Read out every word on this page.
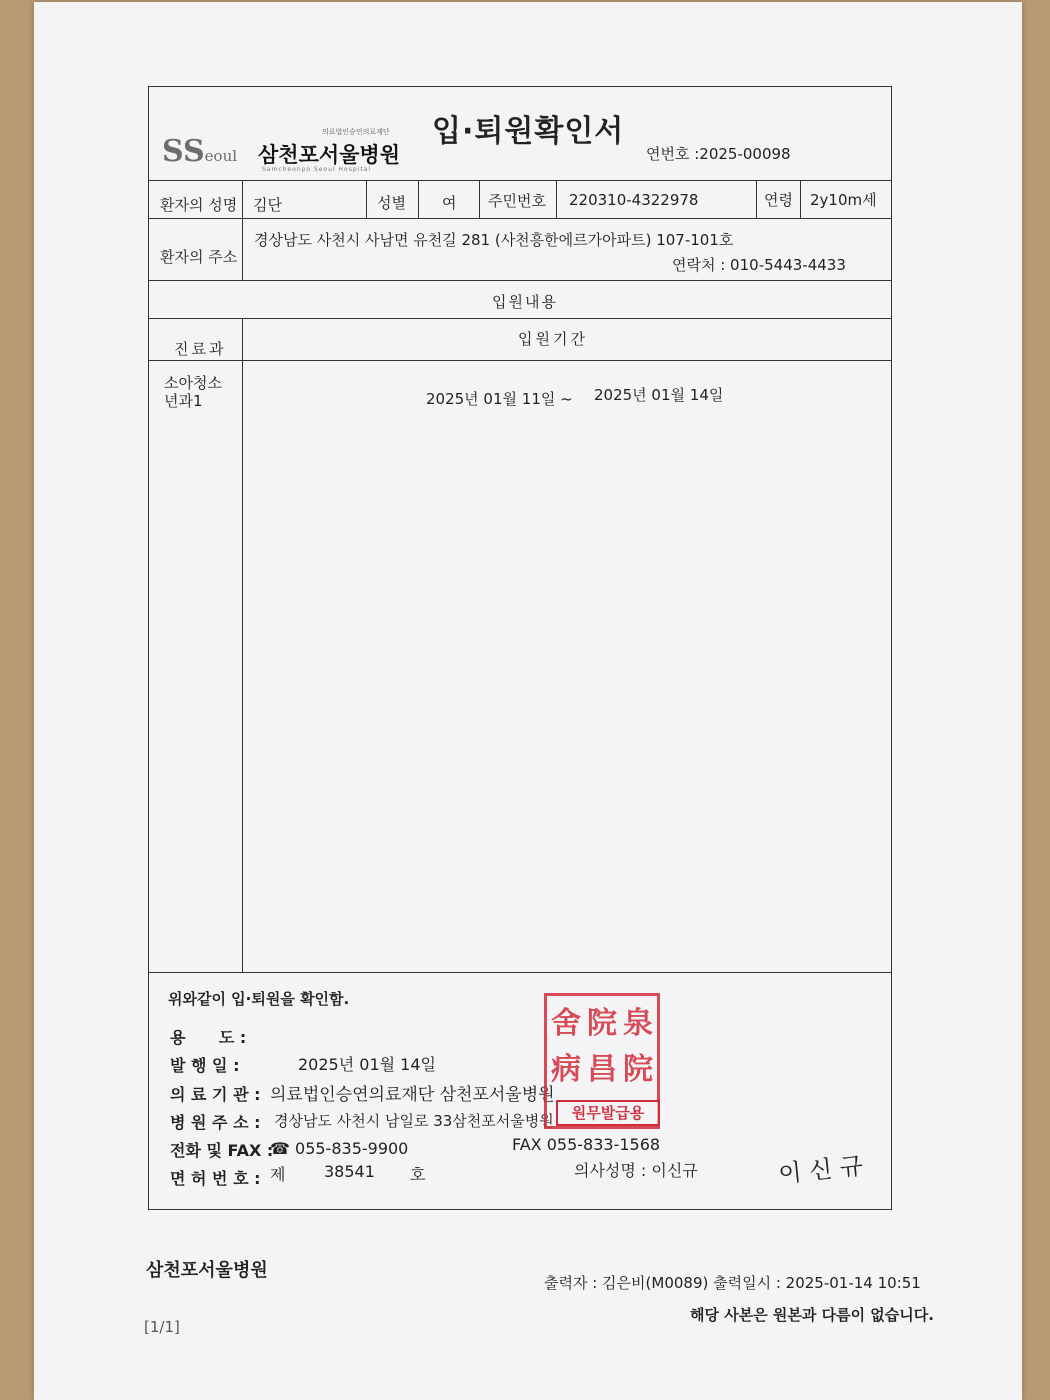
의료법인승연의료재단
SSeoul 삼천포서울병원
Samcheonpo Seoul Hospital
입·퇴원확인서
연번호 :2025-00098
환자의 성명 김단	성별 여 주민번호 220310-4322978	연령 2y10m세
환자의 주소
경상남도 사천시 사남면 유천길 281 (사천흥한에르가아파트) 107-101호
연락처 : 010-5443-4433
입원내용
진료과
입원기간
소아청소
년과1	2025년 01월 11일 ~ 2025년 01월 14일
위와같이 입·퇴원을 확인함.
용      도 :
발 행 일 :	2025년 01월 14일
의 료 기 관 : 의료법인승연의료재단 삼천포서울병원
병 원 주 소 : 경상남도 사천시 남일로 33삼천포서울병원
전화 및 FAX :
☎ 055-835-9900	FAX 055-833-1568
면 허 번 호 : 제 38541 호	의사성명 : 이신규	이 신 규
舍 院 泉
病 昌 院
원무발급용
삼천포서울병원
출력자 : 김은비(M0089) 출력일시 : 2025-01-14 10:51
해당 사본은 원본과 다름이 없습니다.
[1/1]
